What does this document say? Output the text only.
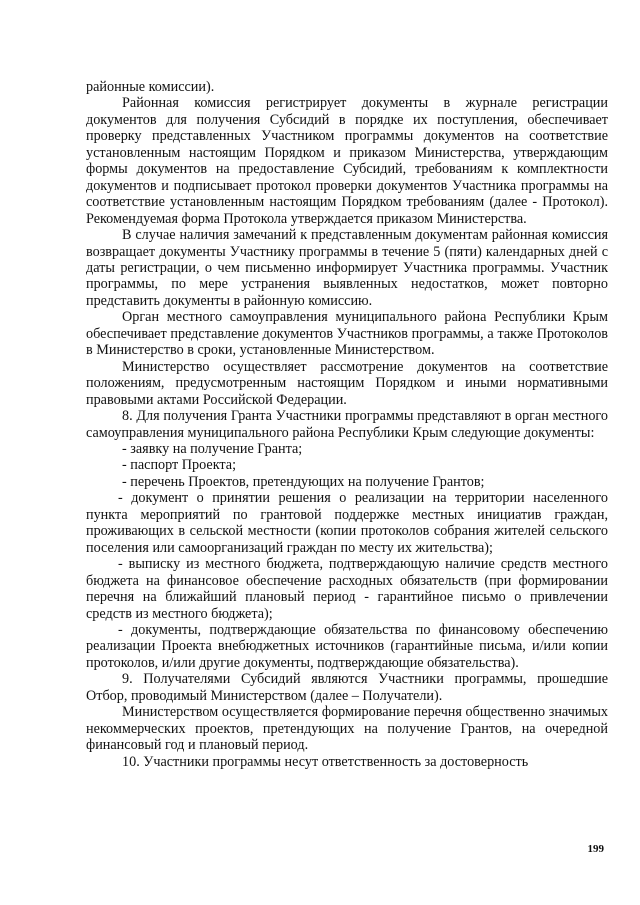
районные комиссии).

Районная комиссия регистрирует документы в журнале регистрации документов для получения Субсидий в порядке их поступления, обеспечивает проверку представленных Участником программы документов на соответствие установленным настоящим Порядком и приказом Министерства, утверждающим формы документов на предоставление Субсидий, требованиям к комплектности документов и подписывает протокол проверки документов Участника программы на соответствие установленным настоящим Порядком требованиям (далее - Протокол). Рекомендуемая форма Протокола утверждается приказом Министерства.

В случае наличия замечаний к представленным документам районная комиссия возвращает документы Участнику программы в течение 5 (пяти) календарных дней с даты регистрации, о чем письменно информирует Участника программы. Участник программы, по мере устранения выявленных недостатков, может повторно представить документы в районную комиссию.

Орган местного самоуправления муниципального района Республики Крым обеспечивает представление документов Участников программы, а также Протоколов в Министерство в сроки, установленные Министерством.

Министерство осуществляет рассмотрение документов на соответствие положениям, предусмотренным настоящим Порядком и иными нормативными правовыми актами Российской Федерации.

8. Для получения Гранта Участники программы представляют в орган местного самоуправления муниципального района Республики Крым следующие документы:

- заявку на получение Гранта;

- паспорт Проекта;

- перечень Проектов, претендующих на получение Грантов;

- документ о принятии решения о реализации на территории населенного пункта мероприятий по грантовой поддержке местных инициатив граждан, проживающих в сельской местности (копии протоколов собрания жителей сельского поселения или самоорганизаций граждан по месту их жительства);

- выписку из местного бюджета, подтверждающую наличие средств местного бюджета на финансовое обеспечение расходных обязательств (при формировании перечня на ближайший плановый период - гарантийное письмо о привлечении средств из местного бюджета);

- документы, подтверждающие обязательства по финансовому обеспечению реализации Проекта внебюджетных источников (гарантийные письма, и/или копии протоколов, и/или другие документы, подтверждающие обязательства).

9. Получателями Субсидий являются Участники программы, прошедшие Отбор, проводимый Министерством (далее – Получатели).

Министерством осуществляется формирование перечня общественно значимых некоммерческих проектов, претендующих на получение Грантов, на очередной финансовый год и плановый период.

10. Участники программы несут ответственность за достоверность

199
